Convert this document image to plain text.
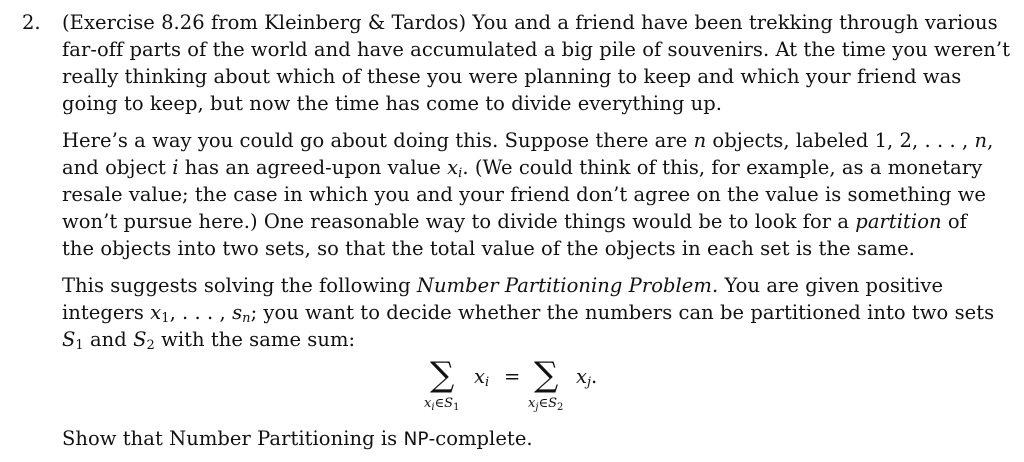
2. (Exercise 8.26 from Kleinberg & Tardos) You and a friend have been trekking through various
far-off parts of the world and have accumulated a big pile of souvenirs. At the time you weren’t
really thinking about which of these you were planning to keep and which your friend was
going to keep, but now the time has come to divide everything up.
Here’s a way you could go about doing this. Suppose there are n objects, labeled 1, 2, . . . , n,
and object i has an agreed-upon value $x_i$. (We could think of this, for example, as a monetary
resale value; the case in which you and your friend don’t agree on the value is something we
won’t pursue here.) One reasonable way to divide things would be to look for a partition of
the objects into two sets, so that the total value of the objects in each set is the same.
This suggests solving the following Number Partitioning Problem. You are given positive
integers $x_1$, . . . , $s_n$; you want to decide whether the numbers can be partitioned into two sets
$S_1$ and $S_2$ with the same sum:
∑ $x_i$ = ∑ $x_j$.
$x_i\in S_1$	$x_j\in S_2$
Show that Number Partitioning is NP-complete.
